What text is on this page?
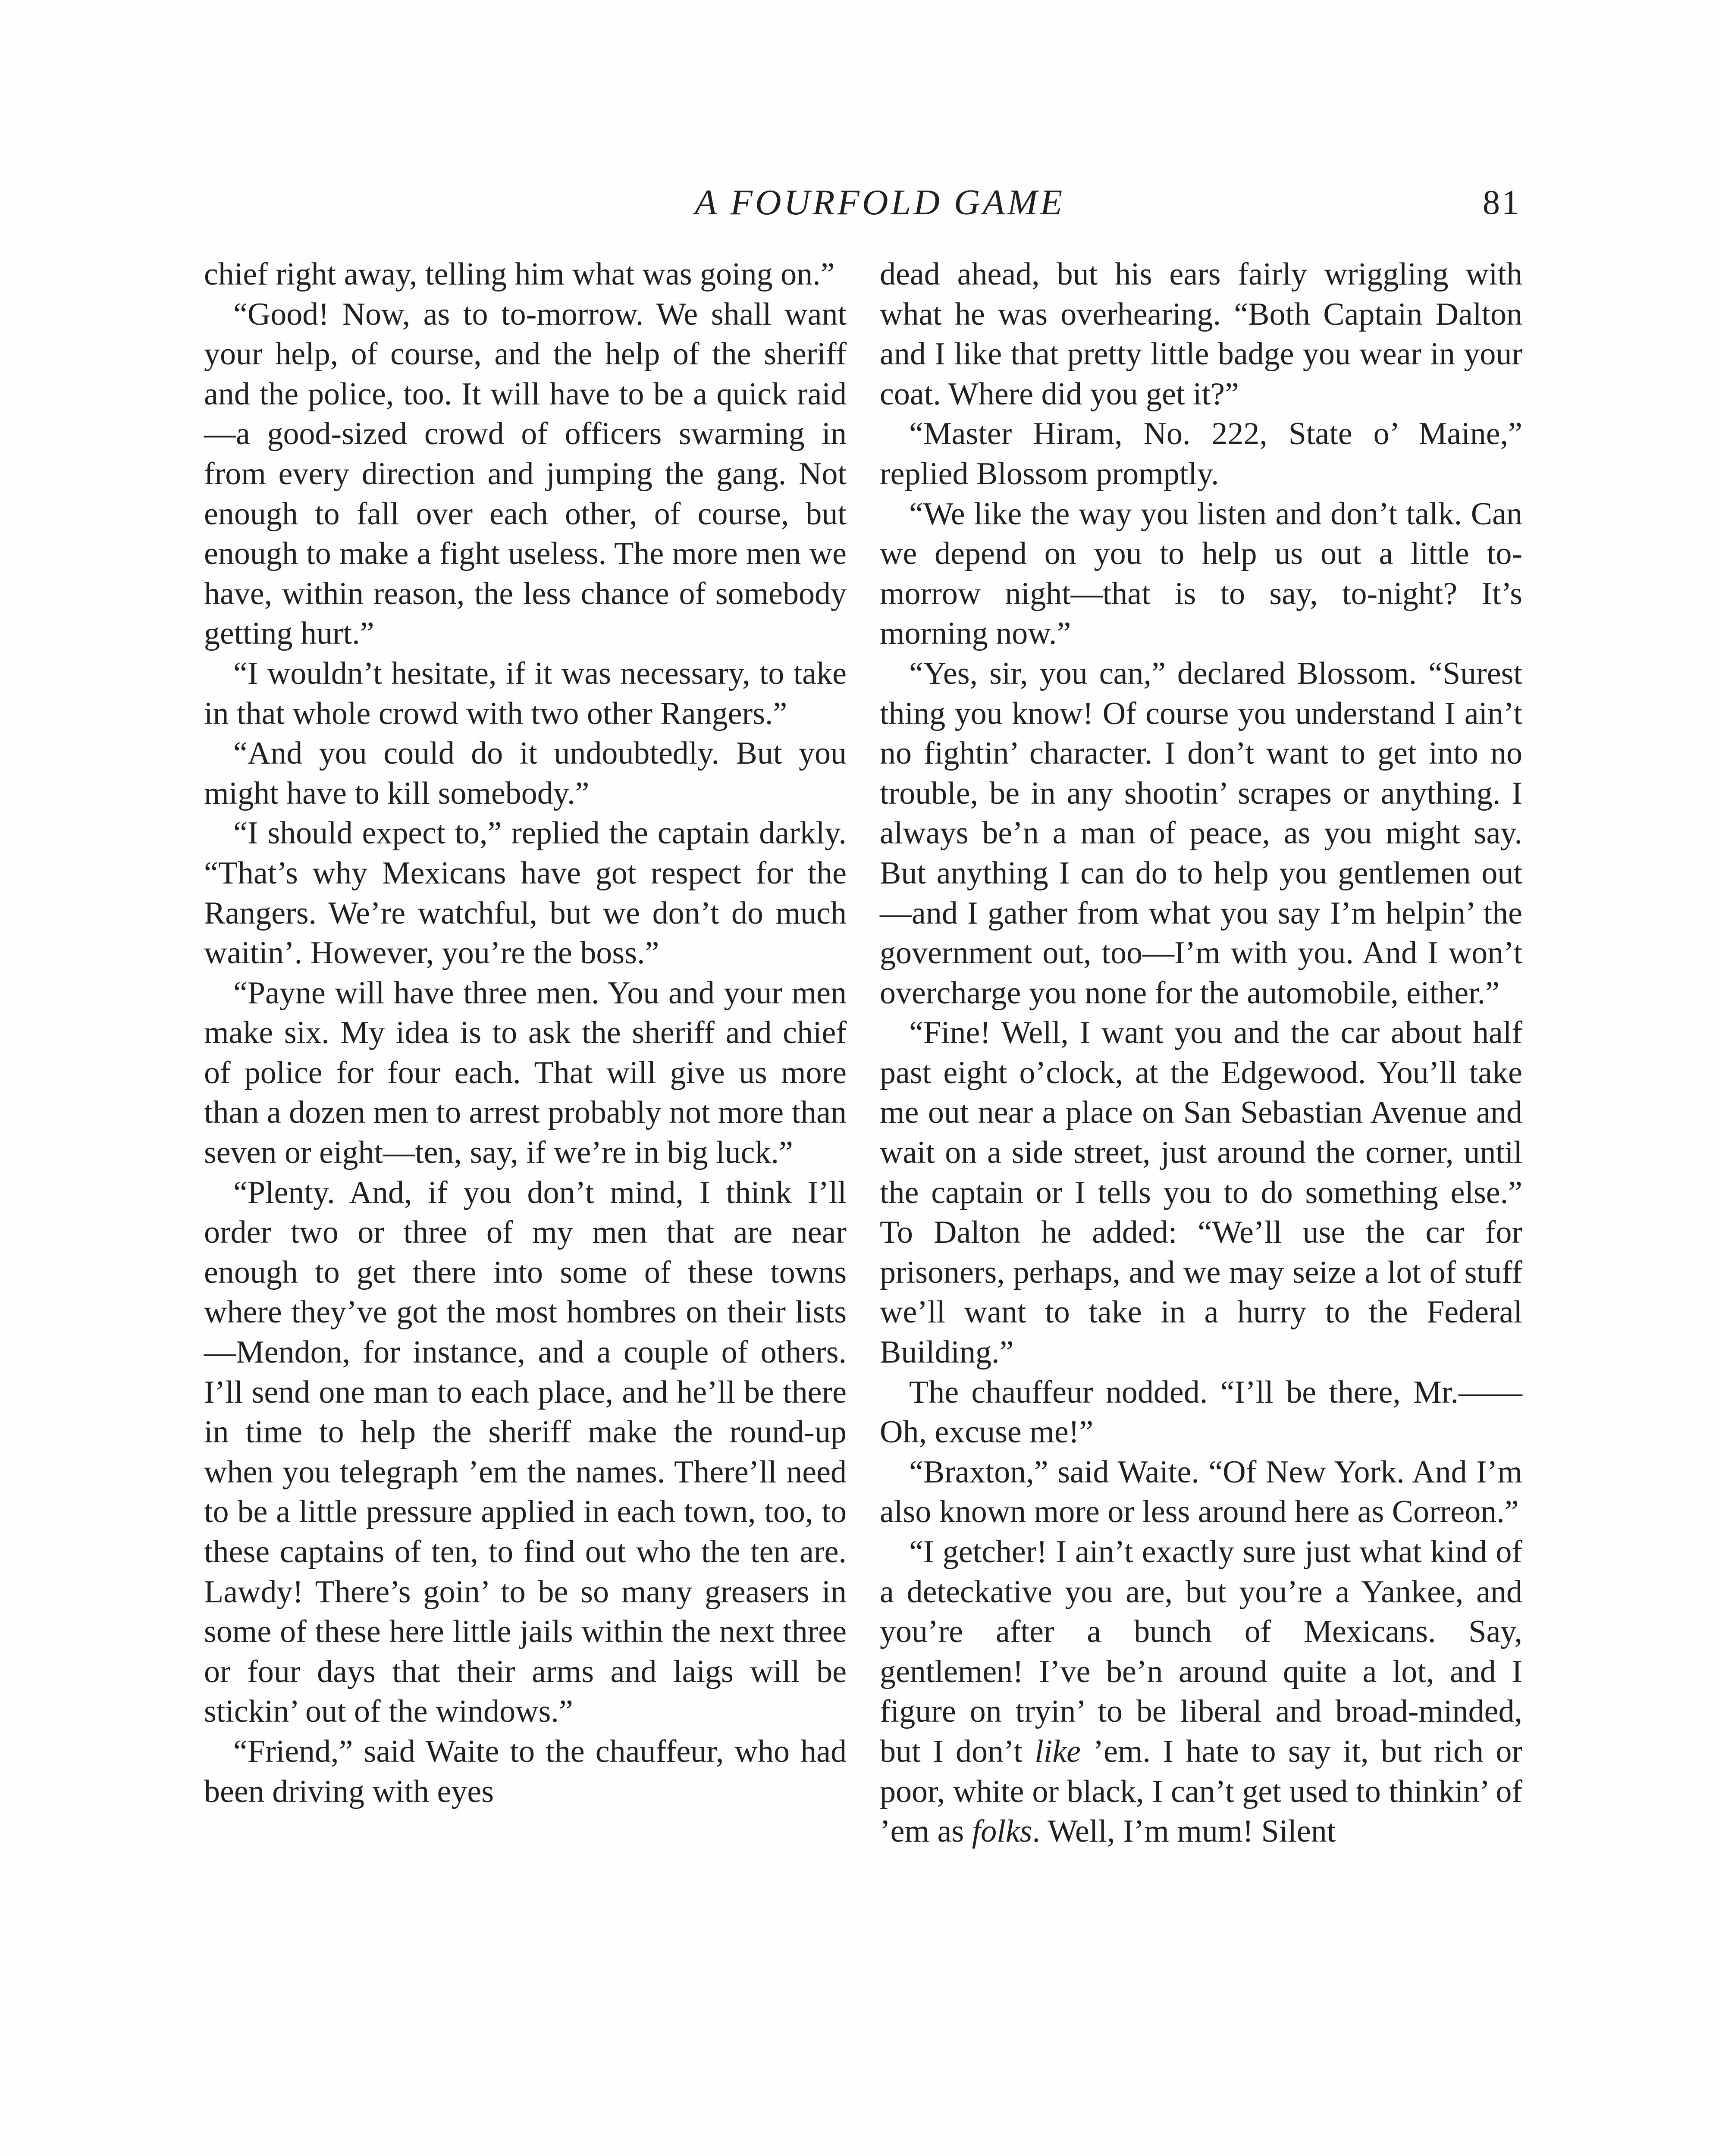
A FOURFOLD GAME	81

chief right away, telling him what was going on.”

“Good! Now, as to to-morrow. We shall want your help, of course, and the help of the sheriff and the police, too. It will have to be a quick raid—a good-sized crowd of officers swarming in from every direction and jumping the gang. Not enough to fall over each other, of course, but enough to make a fight useless. The more men we have, within reason, the less chance of somebody getting hurt.”

“I wouldn’t hesitate, if it was necessary, to take in that whole crowd with two other Rangers.”

“And you could do it undoubtedly. But you might have to kill somebody.”

“I should expect to,” replied the captain darkly. “That’s why Mexicans have got respect for the Rangers. We’re watchful, but we don’t do much waitin’. However, you’re the boss.”

“Payne will have three men. You and your men make six. My idea is to ask the sheriff and chief of police for four each. That will give us more than a dozen men to arrest probably not more than seven or eight—ten, say, if we’re in big luck.”

“Plenty. And, if you don’t mind, I think I’ll order two or three of my men that are near enough to get there into some of these towns where they’ve got the most hombres on their lists—Mendon, for instance, and a couple of others. I’ll send one man to each place, and he’ll be there in time to help the sheriff make the round-up when you telegraph ’em the names. There’ll need to be a little pressure applied in each town, too, to these captains of ten, to find out who the ten are. Lawdy! There’s goin’ to be so many greasers in some of these here little jails within the next three or four days that their arms and laigs will be stickin’ out of the windows.”

“Friend,” said Waite to the chauffeur, who had been driving with eyes

dead ahead, but his ears fairly wriggling with what he was overhearing. “Both Captain Dalton and I like that pretty little badge you wear in your coat. Where did you get it?”

“Master Hiram, No. 222, State o’ Maine,” replied Blossom promptly.

“We like the way you listen and don’t talk. Can we depend on you to help us out a little to-morrow night—that is to say, to-night? It’s morning now.”

“Yes, sir, you can,” declared Blossom. “Surest thing you know! Of course you understand I ain’t no fightin’ character. I don’t want to get into no trouble, be in any shootin’ scrapes or anything. I always be’n a man of peace, as you might say. But anything I can do to help you gentlemen out—and I gather from what you say I’m helpin’ the government out, too—I’m with you. And I won’t overcharge you none for the automobile, either.”

“Fine! Well, I want you and the car about half past eight o’clock, at the Edgewood. You’ll take me out near a place on San Sebastian Avenue and wait on a side street, just around the corner, until the captain or I tells you to do something else.” To Dalton he added: “We’ll use the car for prisoners, perhaps, and we may seize a lot of stuff we’ll want to take in a hurry to the Federal Building.”

The chauffeur nodded. “I’ll be there, Mr.—— Oh, excuse me!”

“Braxton,” said Waite. “Of New York. And I’m also known more or less around here as Correon.”

“I getcher! I ain’t exactly sure just what kind of a deteckative you are, but you’re a Yankee, and you’re after a bunch of Mexicans. Say, gentlemen! I’ve be’n around quite a lot, and I figure on tryin’ to be liberal and broad-minded, but I don’t like ’em. I hate to say it, but rich or poor, white or black, I can’t get used to thinkin’ of ’em as folks. Well, I’m mum! Silent
